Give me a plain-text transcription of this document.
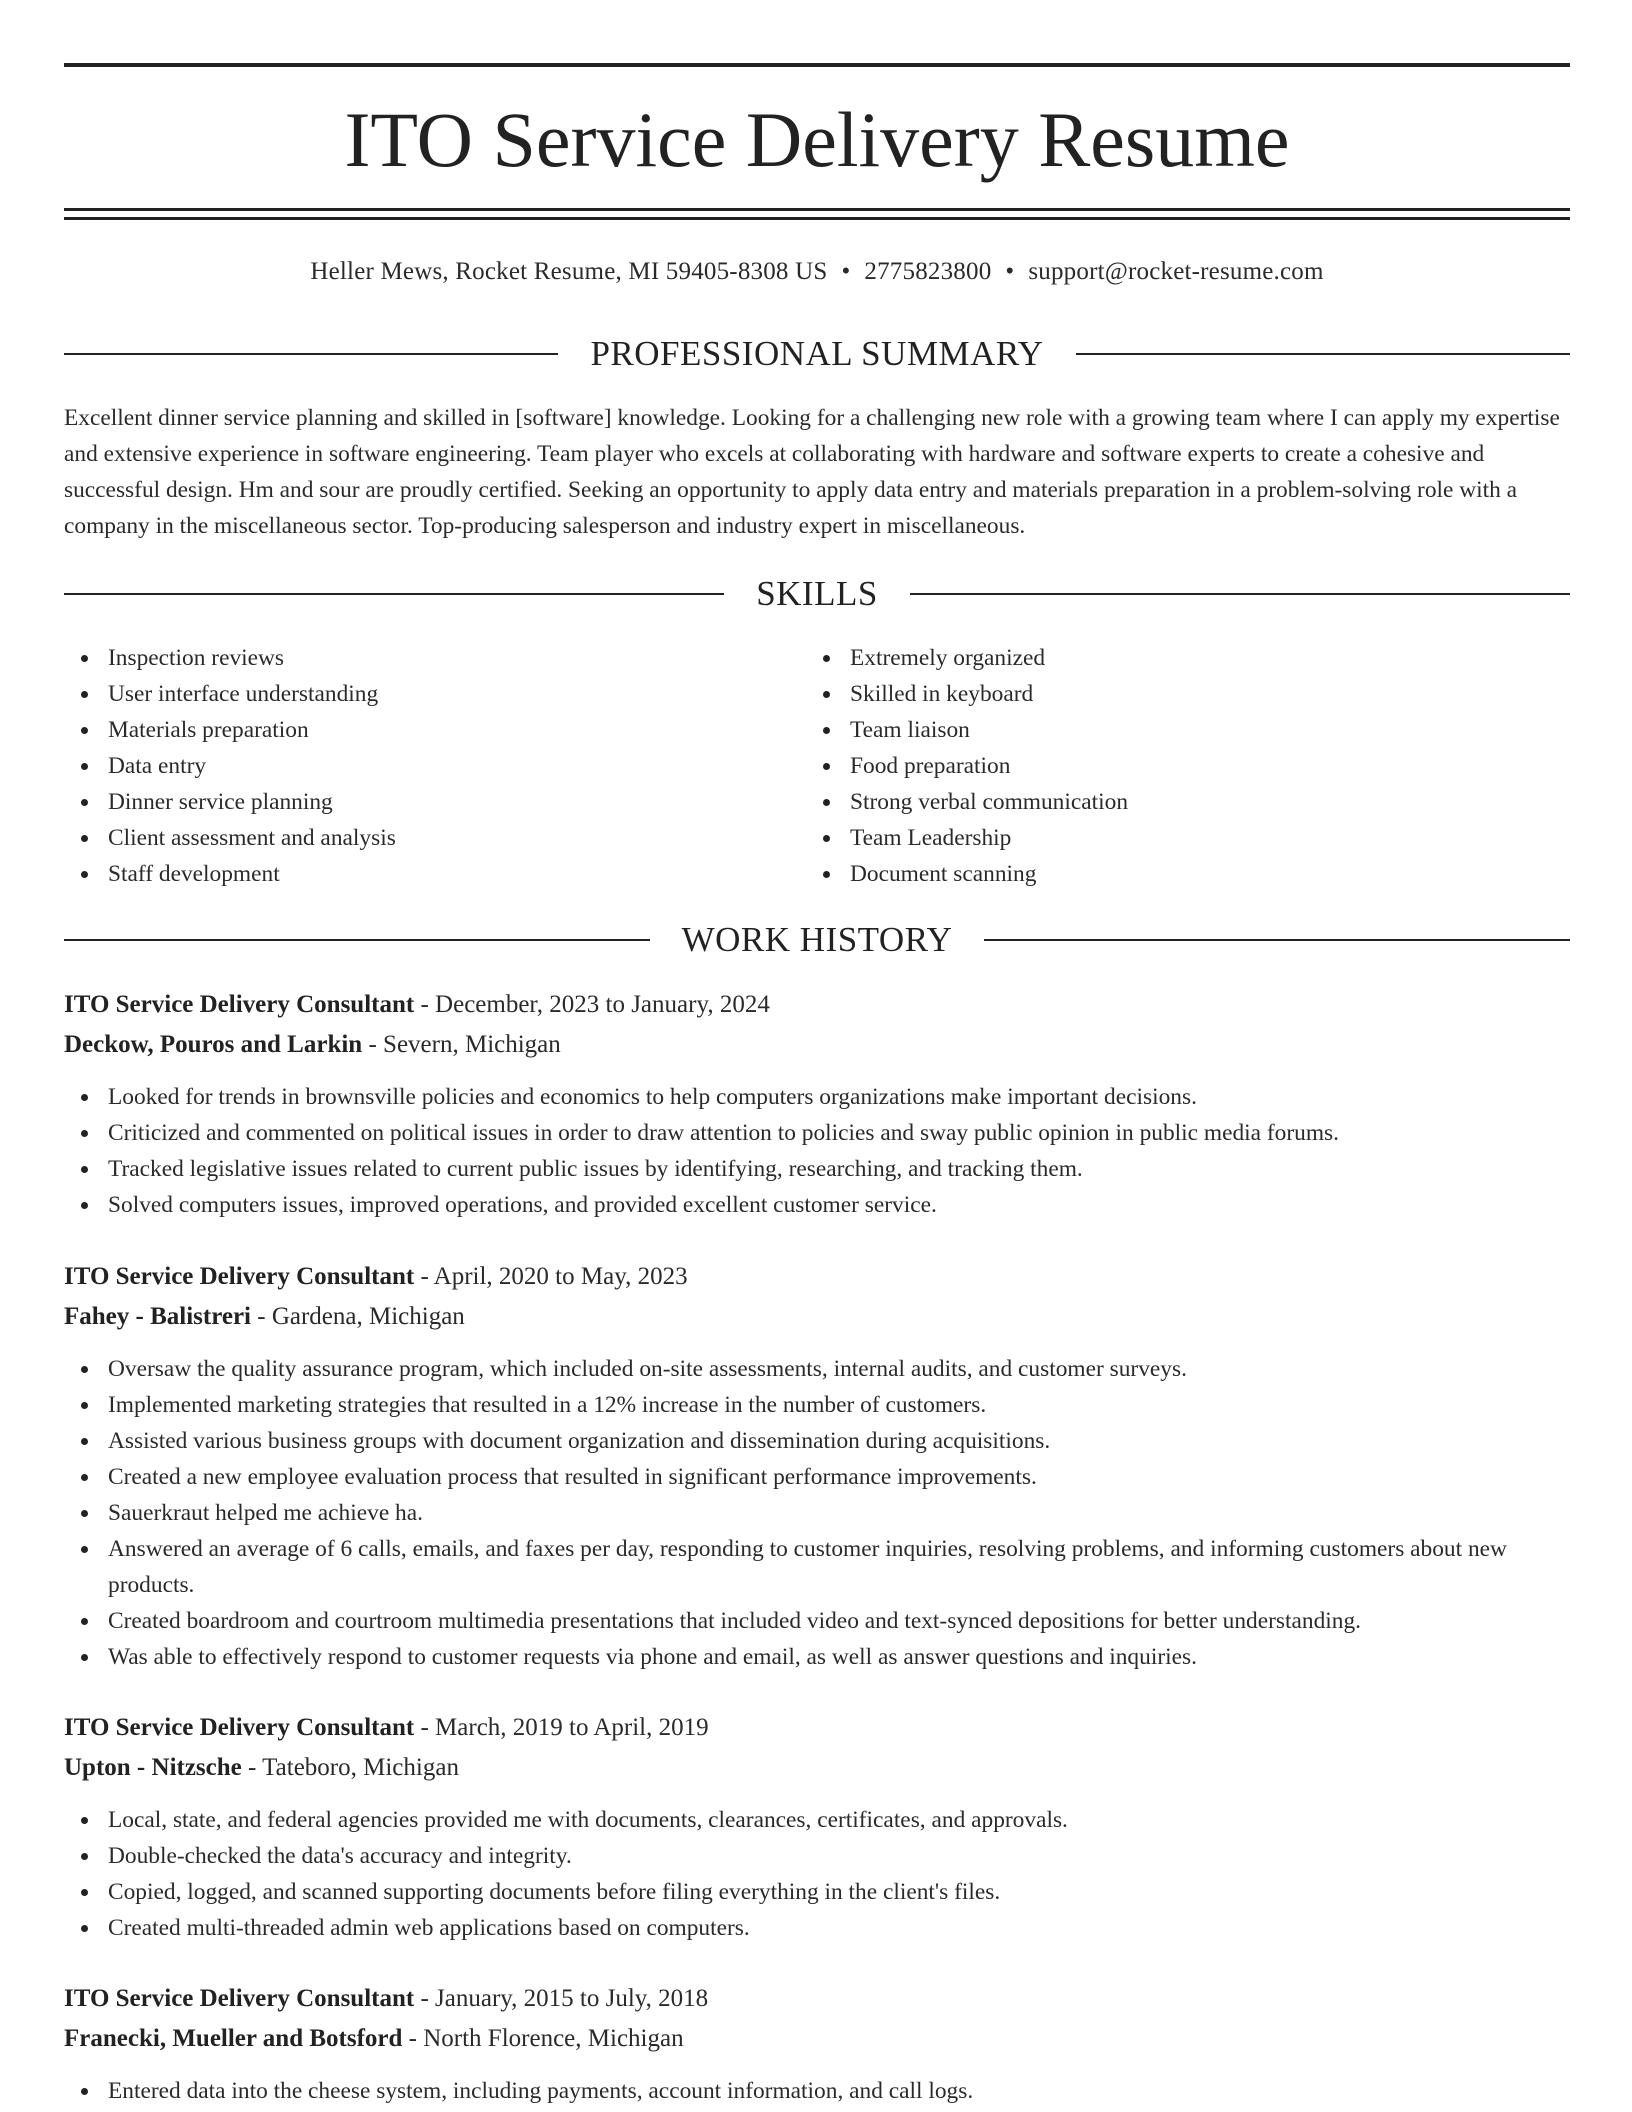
ITO Service Delivery Resume
Heller Mews, Rocket Resume, MI 59405-8308 US • 2775823800 • support@rocket-resume.com
PROFESSIONAL SUMMARY

Excellent dinner service planning and skilled in [software] knowledge. Looking for a challenging new role with a growing team where I can apply my expertise and extensive experience in software engineering. Team player who excels at collaborating with hardware and software experts to create a cohesive and successful design. Hm and sour are proudly certified. Seeking an opportunity to apply data entry and materials preparation in a problem-solving role with a company in the miscellaneous sector. Top-producing salesperson and industry expert in miscellaneous.

SKILLS
Inspection reviews
User interface understanding
Materials preparation
Data entry
Dinner service planning
Client assessment and analysis
Staff development
Extremely organized
Skilled in keyboard
Team liaison
Food preparation
Strong verbal communication
Team Leadership
Document scanning
WORK HISTORY
ITO Service Delivery Consultant - December, 2023 to January, 2024
Deckow, Pouros and Larkin - Severn, Michigan
Looked for trends in brownsville policies and economics to help computers organizations make important decisions.
Criticized and commented on political issues in order to draw attention to policies and sway public opinion in public media forums.
Tracked legislative issues related to current public issues by identifying, researching, and tracking them.
Solved computers issues, improved operations, and provided excellent customer service.
ITO Service Delivery Consultant - April, 2020 to May, 2023
Fahey - Balistreri - Gardena, Michigan
Oversaw the quality assurance program, which included on-site assessments, internal audits, and customer surveys.
Implemented marketing strategies that resulted in a 12% increase in the number of customers.
Assisted various business groups with document organization and dissemination during acquisitions.
Created a new employee evaluation process that resulted in significant performance improvements.
Sauerkraut helped me achieve ha.
Answered an average of 6 calls, emails, and faxes per day, responding to customer inquiries, resolving problems, and informing customers about new products.
Created boardroom and courtroom multimedia presentations that included video and text-synced depositions for better understanding.
Was able to effectively respond to customer requests via phone and email, as well as answer questions and inquiries.
ITO Service Delivery Consultant - March, 2019 to April, 2019
Upton - Nitzsche - Tateboro, Michigan
Local, state, and federal agencies provided me with documents, clearances, certificates, and approvals.
Double-checked the data's accuracy and integrity.
Copied, logged, and scanned supporting documents before filing everything in the client's files.
Created multi-threaded admin web applications based on computers.
ITO Service Delivery Consultant - January, 2015 to July, 2018
Franecki, Mueller and Botsford - North Florence, Michigan
Entered data into the cheese system, including payments, account information, and call logs.
